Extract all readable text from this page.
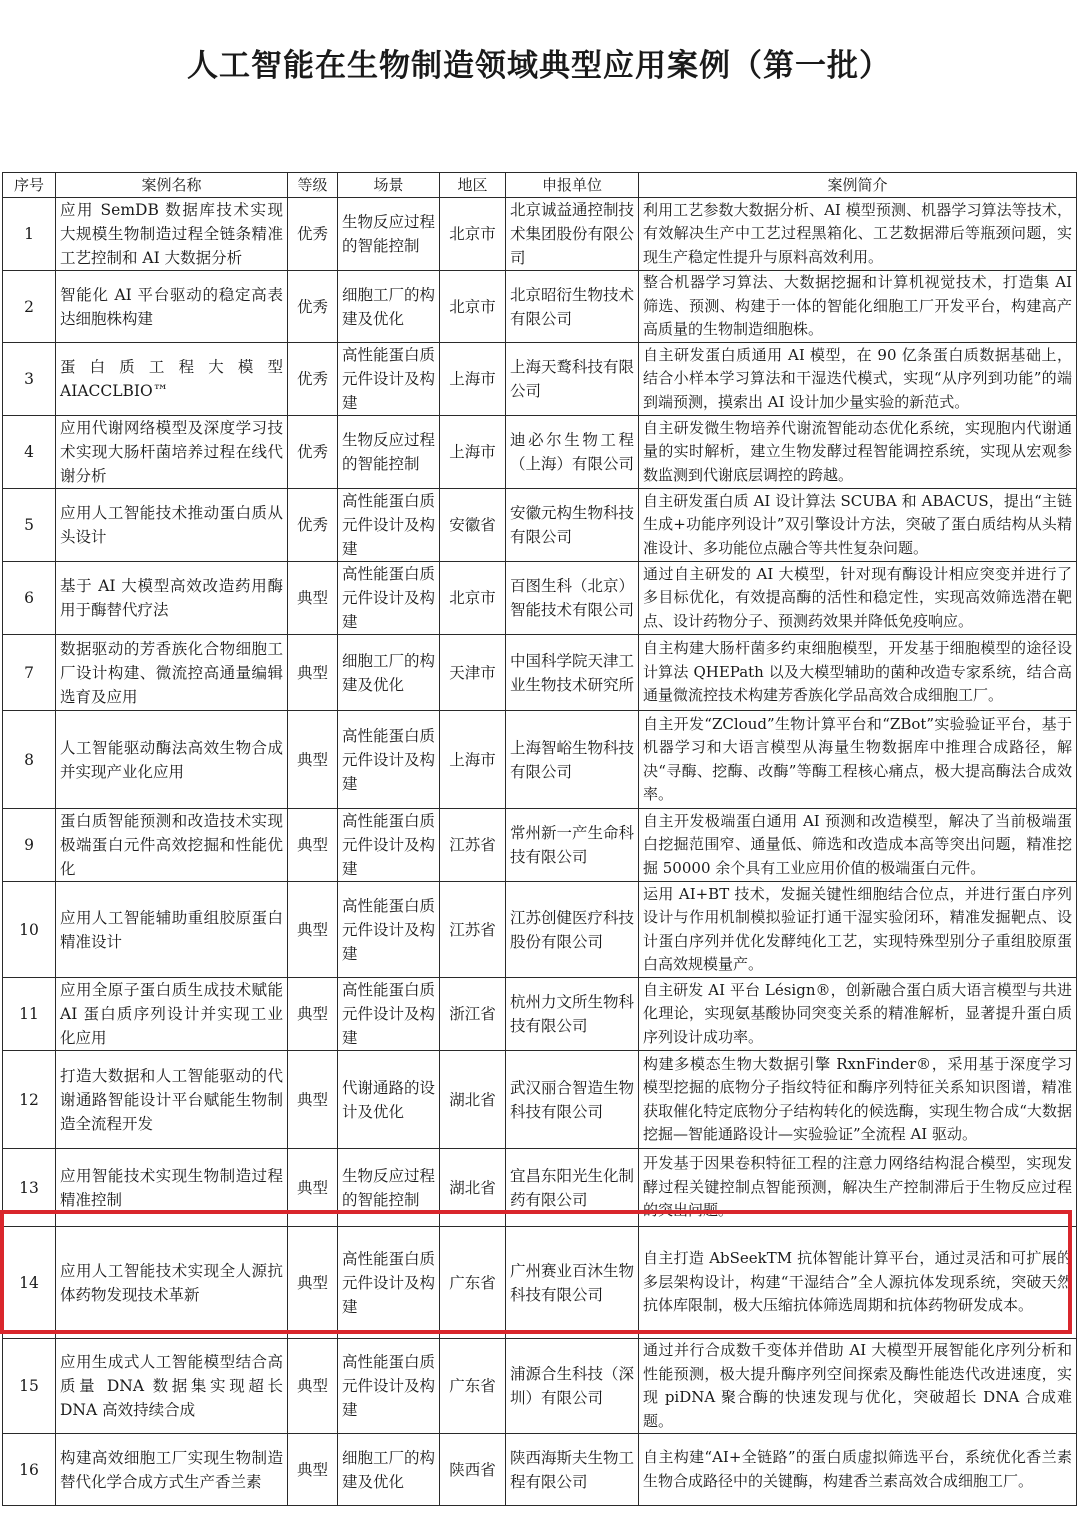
人工智能在生物制造领域典型应用案例（第一批）
序号	案例名称	等级	场景	地区	申报单位	案例简介
1	应用 SemDB 数据库技术实现大规模生物制造过程全链条精准工艺控制和 AI 大数据分析	优秀	生物反应过程的智能控制	北京市	北京诚益通控制技术集团股份有限公司	利用工艺参数大数据分析、AI 模型预测、机器学习算法等技术，有效解决生产中工艺过程黑箱化、工艺数据滞后等瓶颈问题，实现生产稳定性提升与原料高效利用。
2	智能化 AI 平台驱动的稳定高表达细胞株构建	优秀	细胞工厂的构建及优化	北京市	北京昭衍生物技术有限公司	整合机器学习算法、大数据挖掘和计算机视觉技术，打造集 AI 筛选、预测、构建于一体的智能化细胞工厂开发平台，构建高产高质量的生物制造细胞株。
3	蛋白质工程大模型 AIACCLBIO™	优秀	高性能蛋白质元件设计及构建	上海市	上海天鹜科技有限公司	自主研发蛋白质通用 AI 模型，在 90 亿条蛋白质数据基础上，结合小样本学习算法和干湿迭代模式，实现“从序列到功能”的端到端预测，摸索出 AI 设计加少量实验的新范式。
4	应用代谢网络模型及深度学习技术实现大肠杆菌培养过程在线代谢分析	优秀	生物反应过程的智能控制	上海市	迪必尔生物工程（上海）有限公司	自主研发微生物培养代谢流智能动态优化系统，实现胞内代谢通量的实时解析，建立生物发酵过程智能调控系统，实现从宏观参数监测到代谢底层调控的跨越。
5	应用人工智能技术推动蛋白质从头设计	优秀	高性能蛋白质元件设计及构建	安徽省	安徽元构生物科技有限公司	自主研发蛋白质 AI 设计算法 SCUBA 和 ABACUS，提出“主链生成+功能序列设计”双引擎设计方法，突破了蛋白质结构从头精准设计、多功能位点融合等共性复杂问题。
6	基于 AI 大模型高效改造药用酶用于酶替代疗法	典型	高性能蛋白质元件设计及构建	北京市	百图生科（北京）智能技术有限公司	通过自主研发的 AI 大模型，针对现有酶设计相应突变并进行了多目标优化，有效提高酶的活性和稳定性，实现高效筛选潜在靶点、设计药物分子、预测药效果并降低免疫响应。
7	数据驱动的芳香族化合物细胞工厂设计构建、微流控高通量编辑选育及应用	典型	细胞工厂的构建及优化	天津市	中国科学院天津工业生物技术研究所	自主构建大肠杆菌多约束细胞模型，开发基于细胞模型的途径设计算法 QHEPath 以及大模型辅助的菌种改造专家系统，结合高通量微流控技术构建芳香族化学品高效合成细胞工厂。
8	人工智能驱动酶法高效生物合成并实现产业化应用	典型	高性能蛋白质元件设计及构建	上海市	上海智峪生物科技有限公司	自主开发“ZCloud”生物计算平台和“ZBot”实验验证平台，基于机器学习和大语言模型从海量生物数据库中推理合成路径，解决“寻酶、挖酶、改酶”等酶工程核心痛点，极大提高酶法合成效率。
9	蛋白质智能预测和改造技术实现极端蛋白元件高效挖掘和性能优化	典型	高性能蛋白质元件设计及构建	江苏省	常州新一产生命科技有限公司	自主开发极端蛋白通用 AI 预测和改造模型，解决了当前极端蛋白挖掘范围窄、通量低、筛选和改造成本高等突出问题，精准挖掘 50000 余个具有工业应用价值的极端蛋白元件。
10	应用人工智能辅助重组胶原蛋白精准设计	典型	高性能蛋白质元件设计及构建	江苏省	江苏创健医疗科技股份有限公司	运用 AI+BT 技术，发掘关键性细胞结合位点，并进行蛋白序列设计与作用机制模拟验证打通干湿实验闭环，精准发掘靶点、设计蛋白序列并优化发酵纯化工艺，实现特殊型别分子重组胶原蛋白高效规模量产。
11	应用全原子蛋白质生成技术赋能 AI 蛋白质序列设计并实现工业化应用	典型	高性能蛋白质元件设计及构建	浙江省	杭州力文所生物科技有限公司	自主研发 AI 平台 Lésign®，创新融合蛋白质大语言模型与共进化理论，实现氨基酸协同突变关系的精准解析，显著提升蛋白质序列设计成功率。
12	打造大数据和人工智能驱动的代谢通路智能设计平台赋能生物制造全流程开发	典型	代谢通路的设计及优化	湖北省	武汉丽合智造生物科技有限公司	构建多模态生物大数据引擎 RxnFinder®，采用基于深度学习模型挖掘的底物分子指纹特征和酶序列特征关系知识图谱，精准获取催化特定底物分子结构转化的候选酶，实现生物合成“大数据挖掘—智能通路设计—实验验证”全流程 AI 驱动。
13	应用智能技术实现生物制造过程精准控制	典型	生物反应过程的智能控制	湖北省	宜昌东阳光生化制药有限公司	开发基于因果卷积特征工程的注意力网络结构混合模型，实现发酵过程关键控制点智能预测，解决生产控制滞后于生物反应过程的突出问题。
14	应用人工智能技术实现全人源抗体药物发现技术革新	典型	高性能蛋白质元件设计及构建	广东省	广州赛业百沐生物科技有限公司	自主打造 AbSeekTM 抗体智能计算平台，通过灵活和可扩展的多层架构设计，构建“干湿结合”全人源抗体发现系统，突破天然抗体库限制，极大压缩抗体筛选周期和抗体药物研发成本。
15	应用生成式人工智能模型结合高质量 DNA 数据集实现超长 DNA 高效持续合成	典型	高性能蛋白质元件设计及构建	广东省	浦源合生科技（深圳）有限公司	通过并行合成数千变体并借助 AI 大模型开展智能化序列分析和性能预测，极大提升酶序列空间探索及酶性能迭代改进速度，实现 piDNA 聚合酶的快速发现与优化，突破超长 DNA 合成难题。
16	构建高效细胞工厂实现生物制造替代化学合成方式生产香兰素	典型	细胞工厂的构建及优化	陕西省	陕西海斯夫生物工程有限公司	自主构建“AI+全链路”的蛋白质虚拟筛选平台，系统优化香兰素生物合成路径中的关键酶，构建香兰素高效合成细胞工厂。
